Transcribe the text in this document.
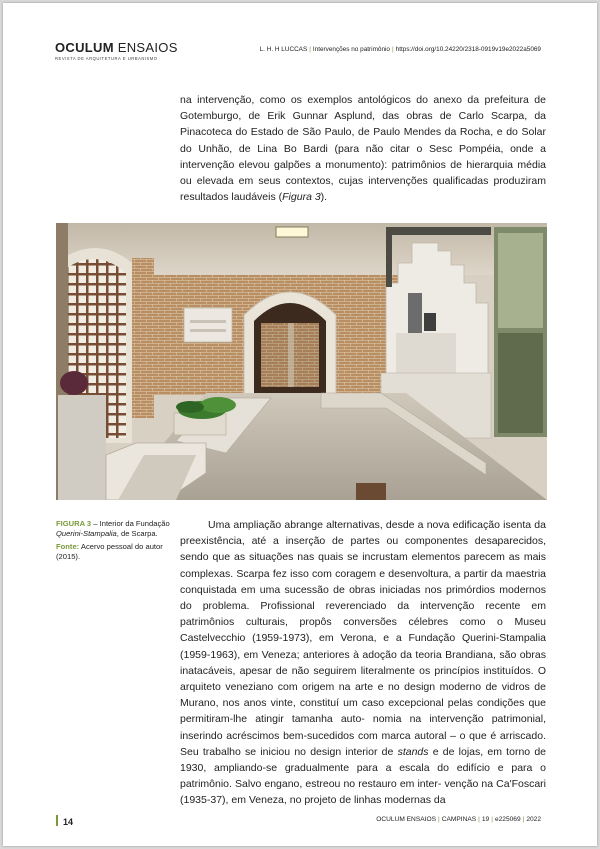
OCULUM ENSAIOS
REVISTA DE ARQUITETURA E URBANISMO
L. H. H LUCCAS | Intervenções no patrimônio | https://doi.org/10.24220/2318-0919v19e2022a5069

na intervenção, como os exemplos antológicos do anexo da prefeitura de Gotemburgo, de Erik Gunnar Asplund, das obras de Carlo Scarpa, da Pinacoteca do Estado de São Paulo, de Paulo Mendes da Rocha, e do Solar do Unhão, de Lina Bo Bardi (para não citar o Sesc Pompéia, onde a intervenção elevou galpões a monumento): patrimônios de hierarquia média ou elevada em seus contextos, cujas intervenções qualificadas produziram resultados laudáveis (Figura 3).

FIGURA 3 – Interior da Fundação Querini-Stampalia, de Scarpa.
Fonte: Acervo pessoal do autor (2015).

Uma ampliação abrange alternativas, desde a nova edificação isenta da preexistência, até a inserção de partes ou componentes desaparecidos, sendo que as situações nas quais se incrustam elementos parecem as mais complexas. Scarpa fez isso com coragem e desenvoltura, a partir da maestria conquistada em uma sucessão de obras iniciadas nos primórdios modernos do problema. Profissional reverenciado da intervenção recente em patrimônios culturais, propôs conversões célebres como o Museu Castelvecchio (1959-1973), em Verona, e a Fundação Querini-Stampalia (1959-1963), em Veneza; anteriores à adoção da teoria Brandiana, são obras inatacáveis, apesar de não seguirem literalmente os princípios instituídos. O arquiteto veneziano com origem na arte e no design moderno de vidros de Murano, nos anos vinte, constituí um caso excepcional pelas condições que permitiram-lhe atingir tamanha auto- nomia na intervenção patrimonial, inserindo acréscimos bem-sucedidos com marca autoral – o que é arriscado. Seu trabalho se iniciou no design interior de stands e de lojas, em torno de 1930, ampliando-se gradualmente para a escala do edifício e para o patrimônio. Salvo engano, estreou no restauro em inter- venção na Ca'Foscari (1935-37), em Veneza, no projeto de linhas modernas da

14	OCULUM ENSAIOS | CAMPINAS | 19 | e225069 | 2022
